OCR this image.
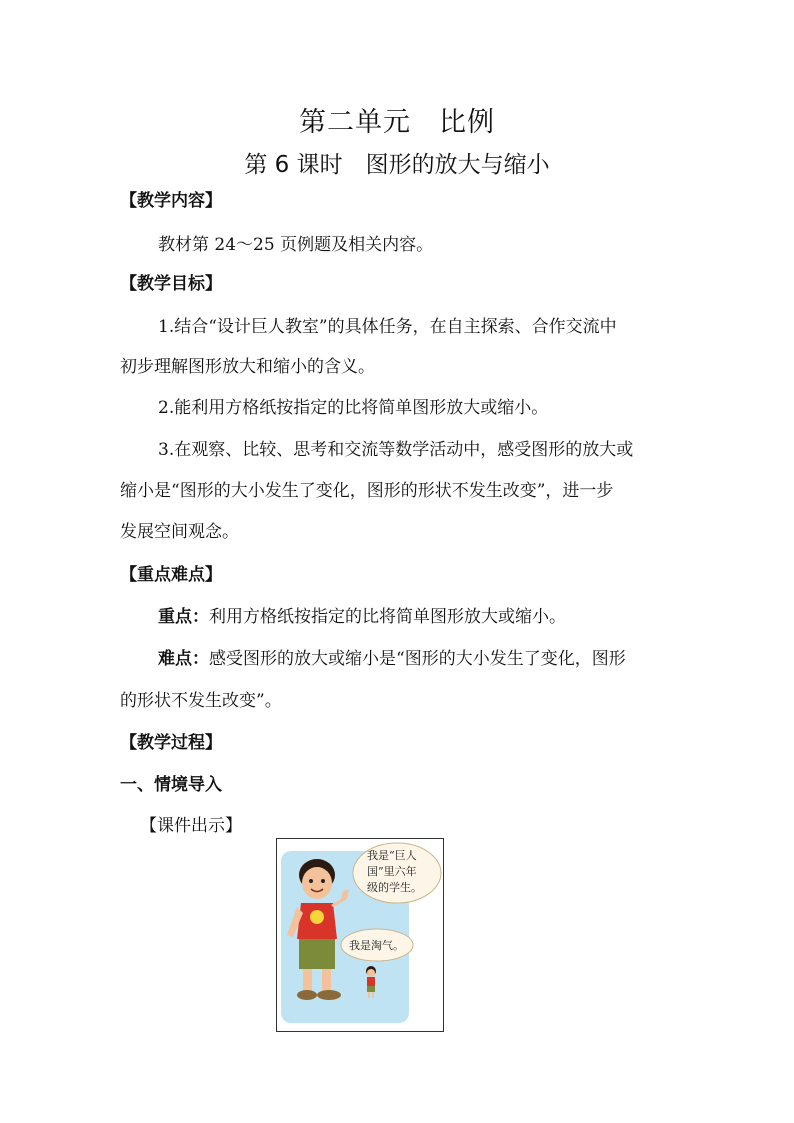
第二单元　比例
第 6 课时　图形的放大与缩小
【教学内容】
教材第 24～25 页例题及相关内容。
【教学目标】
1.结合“设计巨人教室”的具体任务，在自主探索、合作交流中
初步理解图形放大和缩小的含义。
2.能利用方格纸按指定的比将简单图形放大或缩小。
3.在观察、比较、思考和交流等数学活动中，感受图形的放大或
缩小是“图形的大小发生了变化，图形的形状不发生改变”，进一步
发展空间观念。
【重点难点】
重点：利用方格纸按指定的比将简单图形放大或缩小。
难点：感受图形的放大或缩小是“图形的大小发生了变化，图形
的形状不发生改变”。
【教学过程】
一、情境导入
【课件出示】
我是“巨人
国”里六年
级的学生。
我是淘气。
